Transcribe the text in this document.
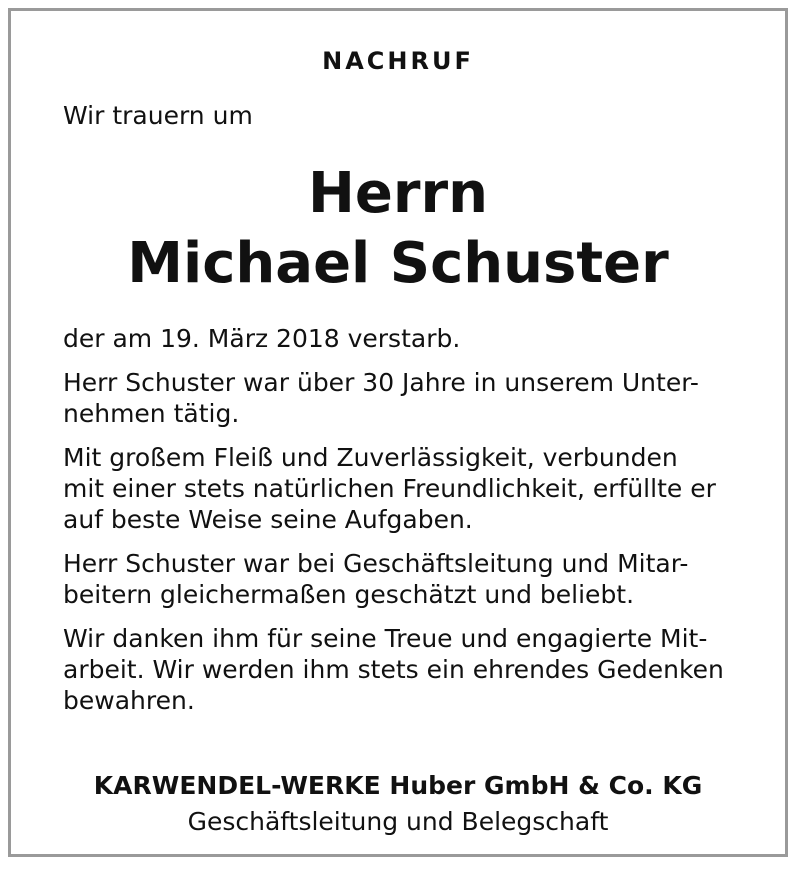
NACHRUF
Wir trauern um
Herrn
Michael Schuster

der am 19. März 2018 verstarb.

Herr Schuster war über 30 Jahre in unserem Unter-
nehmen tätig.

Mit großem Fleiß und Zuverlässigkeit, verbunden
mit einer stets natürlichen Freundlichkeit, erfüllte er
auf beste Weise seine Aufgaben.

Herr Schuster war bei Geschäftsleitung und Mitar-
beitern gleichermaßen geschätzt und beliebt.

Wir danken ihm für seine Treue und engagierte Mit-
arbeit. Wir werden ihm stets ein ehrendes Gedenken
bewahren.

KARWENDEL-WERKE Huber GmbH & Co. KG
Geschäftsleitung und Belegschaft
